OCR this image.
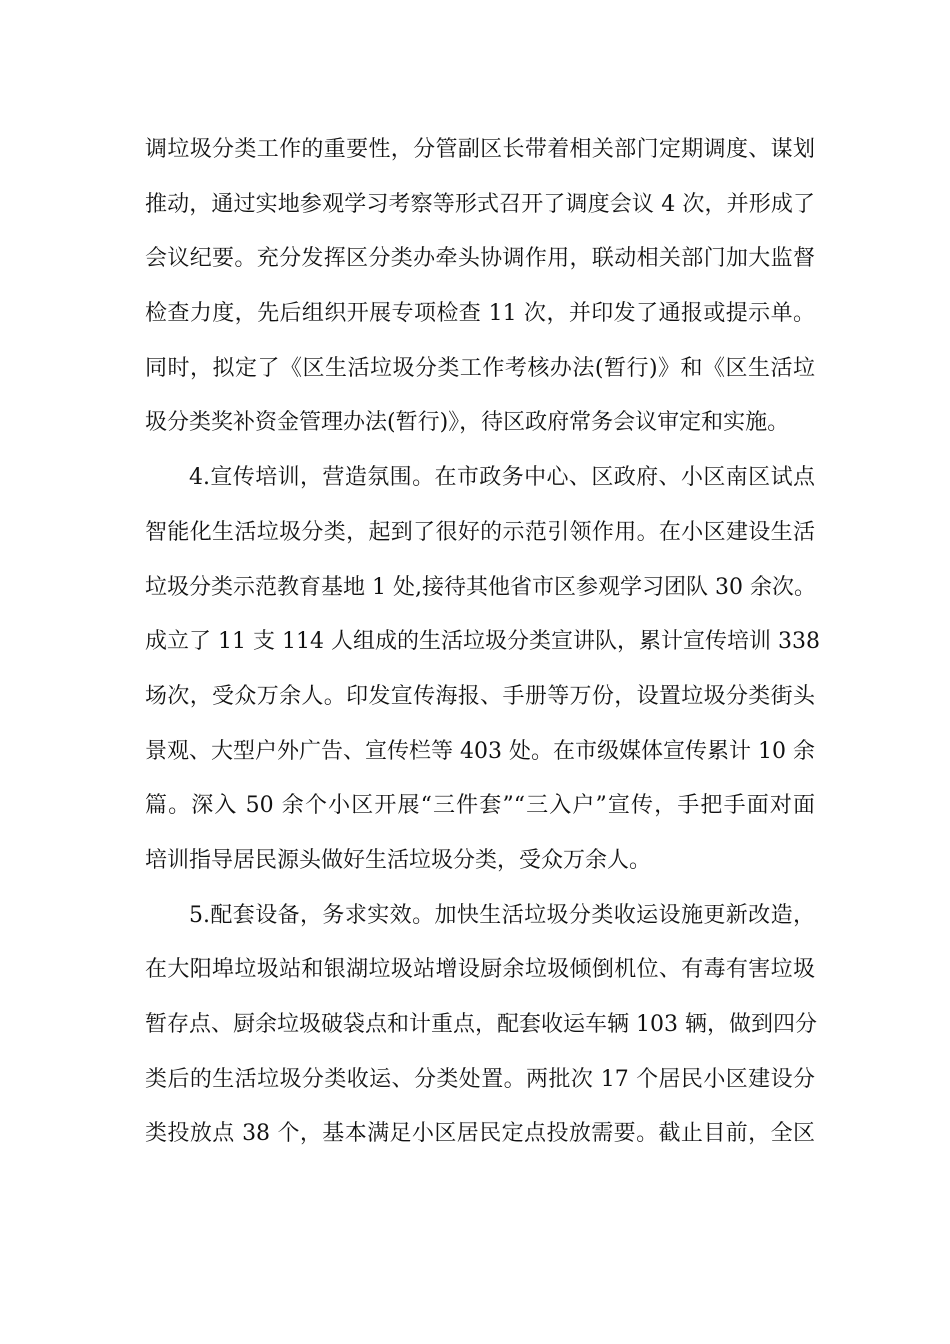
调垃圾分类工作的重要性，分管副区长带着相关部门定期调度、谋划
推动，通过实地参观学习考察等形式召开了调度会议 4 次，并形成了
会议纪要。充分发挥区分类办牵头协调作用，联动相关部门加大监督
检查力度，先后组织开展专项检查 11 次，并印发了通报或提示单。
同时，拟定了《区生活垃圾分类工作考核办法(暂行)》和《区生活垃
圾分类奖补资金管理办法(暂行)》，待区政府常务会议审定和实施。
4.宣传培训，营造氛围。在市政务中心、区政府、小区南区试点
智能化生活垃圾分类，起到了很好的示范引领作用。在小区建设生活
垃圾分类示范教育基地 1 处,接待其他省市区参观学习团队 30 余次。
成立了 11 支 114 人组成的生活垃圾分类宣讲队，累计宣传培训 338
场次，受众万余人。印发宣传海报、手册等万份，设置垃圾分类街头
景观、大型户外广告、宣传栏等 403 处。在市级媒体宣传累计 10 余
篇。深入 50 余个小区开展“三件套”“三入户”宣传，手把手面对面
培训指导居民源头做好生活垃圾分类，受众万余人。
5.配套设备，务求实效。加快生活垃圾分类收运设施更新改造，
在大阳埠垃圾站和银湖垃圾站增设厨余垃圾倾倒机位、有毒有害垃圾
暂存点、厨余垃圾破袋点和计重点，配套收运车辆 103 辆，做到四分
类后的生活垃圾分类收运、分类处置。两批次 17 个居民小区建设分
类投放点 38 个，基本满足小区居民定点投放需要。截止目前，全区
